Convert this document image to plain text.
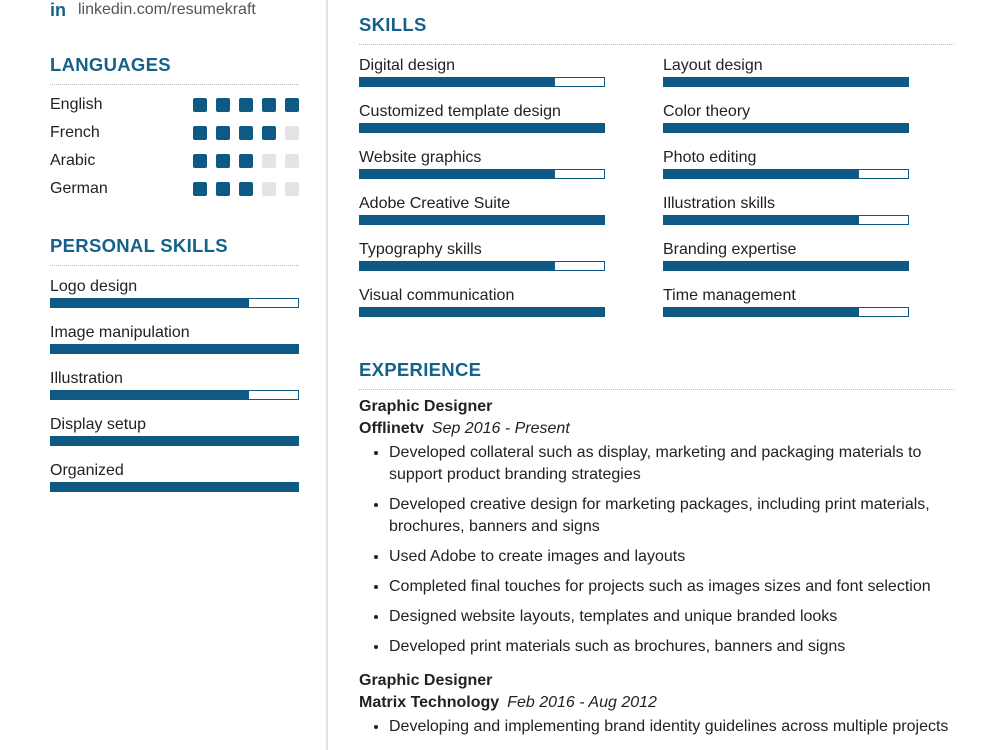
in linkedin.com/resumekraft
LANGUAGES
English
French
Arabic
German
PERSONAL SKILLS
Logo design
Image manipulation
Illustration
Display setup
Organized
SKILLS
Digital design	Layout design
Customized template design	Color theory
Website graphics	Photo editing
Adobe Creative Suite	Illustration skills
Typography skills	Branding expertise
Visual communication	Time management
EXPERIENCE
Graphic Designer
Offlinetv Sep 2016 - Present
• Developed collateral such as display, marketing and packaging materials to support product branding strategies
• Developed creative design for marketing packages, including print materials, brochures, banners and signs
• Used Adobe to create images and layouts
• Completed final touches for projects such as images sizes and font selection
• Designed website layouts, templates and unique branded looks
• Developed print materials such as brochures, banners and signs
Graphic Designer
Matrix Technology Feb 2016 - Aug 2012
• Developing and implementing brand identity guidelines across multiple projects
